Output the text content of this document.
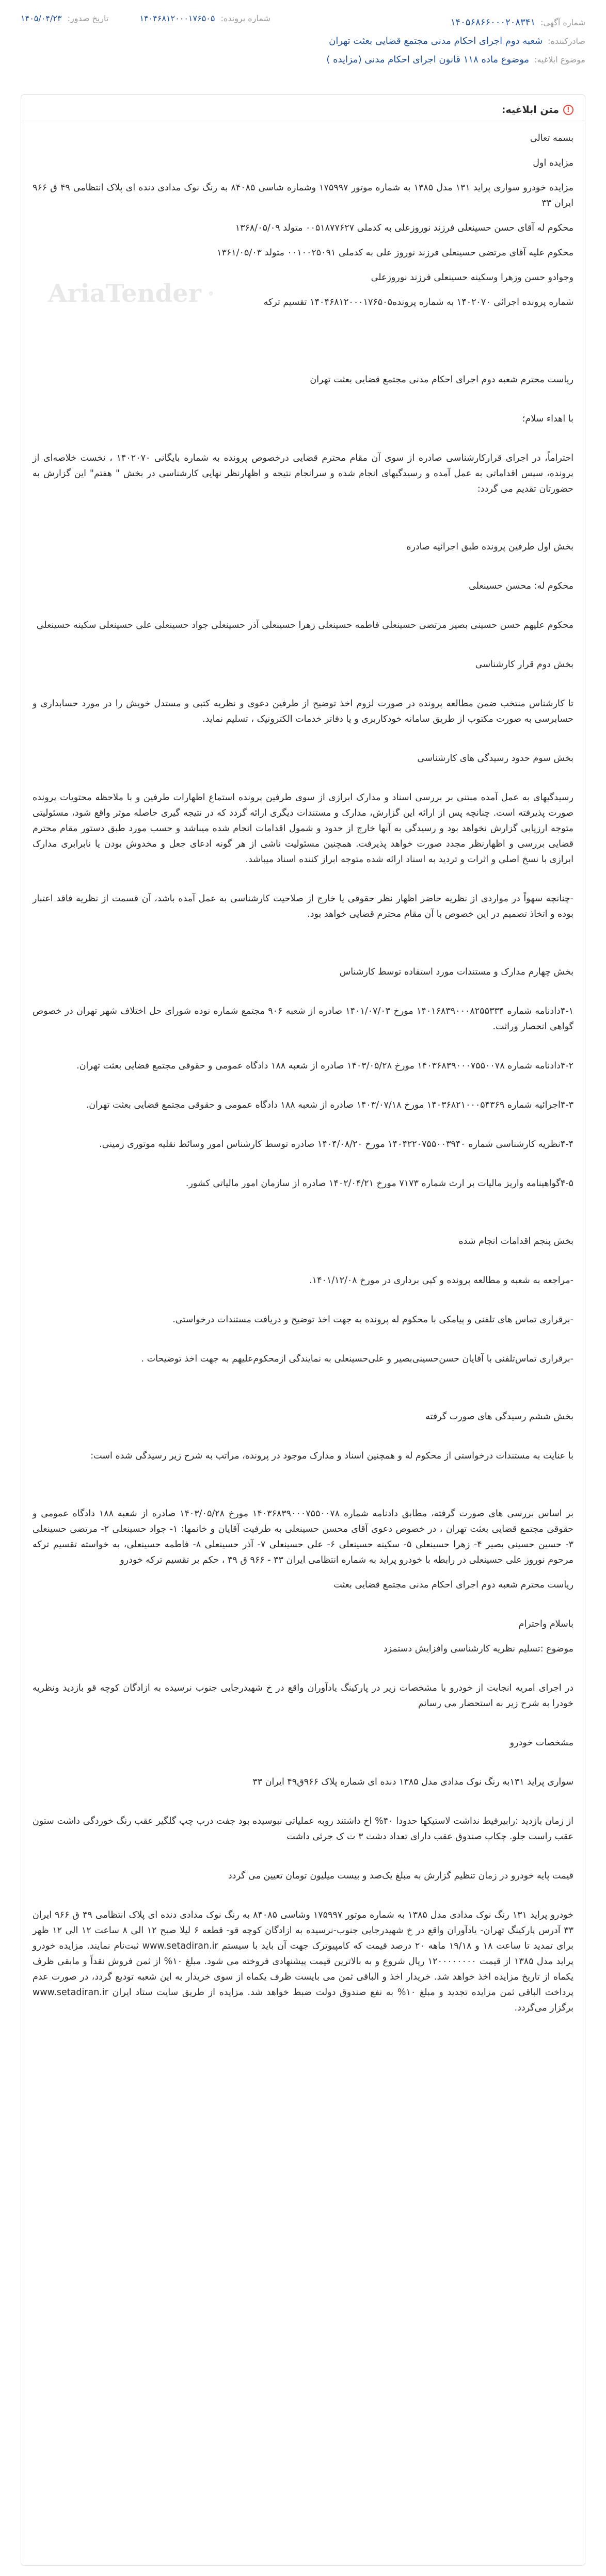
شماره آگهی:
۱۴۰۵۶۸۶۶۰۰۰۲۰۸۳۴۱
صادرکننده:
شعبه دوم اجرای احکام مدنی مجتمع قضایی بعثت تهران
موضوع ابلاغیه:
موضوع ماده ۱۱۸ قانون اجرای احکام مدنی (مزایده )
شماره پرونده: ۱۴۰۴۶۸۱۲۰۰۰۱۷۶۵۰۵
تاریخ صدور: ۱۴۰۵/۰۴/۲۳
!
متن ابلاغیه:
AriaTender

بسمه تعالی

مزایده اول

مزایده خودرو سواری پراید ۱۳۱ مدل ۱۳۸۵ به شماره موتور ۱۷۵۹۹۷ وشماره شاسی ۸۴۰۸۵ به رنگ نوک مدادی دنده ای پلاک انتظامی ۴۹ ق ۹۶۶ ایران ۳۳

محکوم له آقای حسن حسینعلی فرزند نوروزعلی به کدملی ۰۰۵۱۸۷۷۶۲۷ متولد ۱۳۶۸/۰۵/۰۹

محکوم علیه آقای مرتضی حسینعلی فرزند نوروز علی به کدملی ۰۰۱۰۰۲۵۰۹۱ متولد ۱۳۶۱/۰۵/۰۳

وجوادو حسن وزهرا وسکینه حسینعلی فرزند نوروزعلی

شماره پرونده اجرائی ۱۴۰۲۰۷۰ به شماره پرونده۱۴۰۴۶۸۱۲۰۰۰۱۷۶۵۰۵ تقسیم ترکه

ریاست محترم شعبه دوم اجرای احکام مدنی مجتمع قضایی بعثت تهران

با اهداء سلام؛

احتراماً، در اجرای قرارکارشناسی صادره از سوی آن مقام محترم قضایی درخصوص پرونده به شماره بایگانی ۱۴۰۲۰۷۰ ، نخست خلاصه‌ای از پرونده، سپس اقداماتی به عمل آمده و رسیدگیهای انجام شده و سرانجام نتیجه و اظهارنظر نهایی کارشناسی در بخش " هفتم" این گزارش به حضورتان تقدیم می گردد:

بخش اول طرفین پرونده طبق اجرائیه صادره

محکوم له: محسن حسینعلی

محکوم علیهم حسن حسینی بصیر مرتضی حسینعلی فاطمه حسینعلی زهرا حسینعلی آذر حسینعلی جواد حسینعلی علی حسینعلی سکینه حسینعلی

بخش دوم قرار کارشناسی

تا کارشناس منتخب ضمن مطالعه پرونده در صورت لزوم اخذ توضیح از طرفین دعوی و نظریه کتبی و مستدل خویش را در مورد حسابداری و حسابرسی به صورت مکتوب از طریق سامانه خودکاربری و یا دفاتر خدمات الکترونیک ، تسلیم نماید.

بخش سوم حدود رسیدگی های کارشناسی

رسیدگیهای به عمل آمده مبتنی بر بررسی اسناد و مدارک ابرازی از سوی طرفین پرونده استماع اظهارات طرفین و با ملاحظه محتویات پرونده صورت پذیرفته است. چنانچه پس از ارائه این گزارش، مدارک و مستندات دیگری ارائه گردد که در نتیجه گیری حاصله موثر واقع شود، مسئولیتی متوجه ارزیابی گزارش نخواهد بود و رسیدگی به آنها خارج از حدود و شمول اقدامات انجام شده میباشد و حسب مورد طبق دستور مقام محترم قضایی بررسی و اظهارنظر مجدد صورت خواهد پذیرفت. همچنین مسئولیت ناشی از هر گونه ادعای جعل و مخدوش بودن یا نابرابری مدارک ابرازی با نسخ اصلی و اثرات و تردید به اسناد ارائه شده متوجه ابراز کننده اسناد میباشد.

-چنانچه سهواً در مواردی از نظریه حاضر اظهار نظر حقوقی یا خارج از صلاحیت کارشناسی به عمل آمده باشد، آن قسمت از نظریه فاقد اعتبار بوده و اتخاذ تصمیم در این خصوص با آن مقام محترم قضایی خواهد بود.

بخش چهارم مدارک و مستندات مورد استفاده توسط کارشناس

۴-۱دادنامه شماره ۱۴۰۱۶۸۳۹۰۰۰۸۲۵۵۳۳۴ مورخ ۱۴۰۱/۰۷/۰۳ صادره از شعبه ۹۰۶ مجتمع شماره نوده شورای حل اختلاف شهر تهران در خصوص گواهی انحصار وراثت.

۴-۲دادنامه شماره ۱۴۰۳۶۸۳۹۰۰۰۷۵۵۰۰۷۸ مورخ ۱۴۰۳/۰۵/۲۸ صادره از شعبه ۱۸۸ دادگاه عمومی و حقوقی مجتمع قضایی بعثت تهران.

۴-۳اجرائیه شماره ۱۴۰۳۶۸۲۱۰۰۰۵۴۳۶۹ مورخ ۱۴۰۳/۰۷/۱۸ صادره از شعبه ۱۸۸ دادگاه عمومی و حقوقی مجتمع قضایی بعثت تهران.

۴-۴نظریه کارشناسی شماره ۱۴۰۴۲۲۰۷۵۵۰۰۳۹۴۰ مورخ ۱۴۰۴/۰۸/۲۰ صادره توسط کارشناس امور وسائط نقلیه موتوری زمینی.

۴-۵گواهینامه واریز مالیات بر ارث شماره ۷۱۷۳ مورخ ۱۴۰۲/۰۴/۲۱ صادره از سازمان امور مالیاتی کشور.

بخش پنجم اقدامات انجام شده

-مراجعه به شعبه و مطالعه پرونده و کپی برداری در مورخ ۱۴۰۱/۱۲/۰۸.

-برقراری تماس های تلفنی و پیامکی با محکوم له پرونده به جهت اخذ توضیح و دریافت مستندات درخواستی.

-برقراری تماس‌تلفنی با آقایان حسن‌حسینی‌بصیر و علی‌حسینعلی به نمایندگی ازمحکوم‌علیهم به جهت اخذ توضیحات .

بخش ششم رسیدگی های صورت گرفته

با عنایت به مستندات درخواستی از محکوم له و همچنین اسناد و مدارک موجود در پرونده، مراتب به شرح زیر رسیدگی شده است:

بر اساس بررسی های صورت گرفته، مطابق دادنامه شماره ۱۴۰۳۶۸۳۹۰۰۰۷۵۵۰۰۷۸ مورخ ۱۴۰۳/۰۵/۲۸ صادره از شعبه ۱۸۸ دادگاه عمومی و حقوقی مجتمع قضایی بعثت تهران ، در خصوص دعوی آقای محسن حسینعلی به طرفیت آقایان و خانمها: ۱- جواد حسینعلی ۲- مرتضی حسینعلی ۳- حسین حسینی بصیر ۴- زهرا حسینعلی ۵- سکینه حسینعلی ۶- علی حسینعلی ۷- آذر حسینعلی ۸- فاطمه حسینعلی، به خواسته تقسیم ترکه مرحوم نوروز علی حسینعلی در رابطه با خودرو پراید به شماره انتظامی ایران ۳۳ - ۹۶۶ ق ۴۹ ، حکم بر تقسیم ترکه خودرو

ریاست محترم شعبه دوم اجرای احکام مدنی مجتمع قضایی بعثت

باسلام واحترام

موضوع :تسلیم نظریه کارشناسی وافزایش دستمزد

در اجرای امریه انجابت از خودرو با مشخصات زیر در پارکینگ یادآوران واقع در خ شهیدرجایی جنوب نرسیده به ازادگان کوچه قو بازدید ونظریه خودرا به شرح زیر به استحضار می رسانم

مشخصات خودرو

سواری پراید ۱۳۱به رنگ نوک مدادی مدل ۱۳۸۵ دنده ای شماره پلاک ۹۶۶ق۴۹ ایران ۳۳

از زمان بازدید :رابیرفیط نداشت لاستیکها حدودا ۴۰% اخ داشتند روبه عملیاتی نبوسیده بود جفت درب چپ گلگیر عقب رنگ خوردگی داشت ستون عقب راست جلو. چکاپ صندوق عقب دارای تعداد دشت ۳ ت ک جرئی داشت

قیمت پایه خودرو در زمان تنظیم گزارش به مبلغ یک‌صد و بیست میلیون تومان تعیین می گردد

خودرو پراید ۱۳۱ رنگ نوک مدادی مدل ۱۳۸۵ به شماره موتور ۱۷۵۹۹۷ وشاسی ۸۴۰۸۵ به رنگ نوک مدادی دنده ای پلاک انتظامی ۴۹ ق ۹۶۶ ایران ۳۳ آدرس پارکینگ تهران- یادآوران واقع در خ شهیدرجایی جنوب-نرسیده به ازادگان کوچه قو- قطعه ۶ لیلا صبح ۱۲ الی ۸ ساعت ۱۲ الی ۱۲ ظهر برای تمدید تا ساعت ۱۸ و ۱۹/۱۸ ماهه ۲۰ درصد قیمت که کامپیوترک جهت آن باید با سیستم www.setadiran.ir ثبت‌نام نمایند. مزایده خودرو پراید مدل ۱۳۸۵ از قیمت ۱۲۰۰۰۰۰۰۰۰ ریال شروع و به بالاترین قیمت پیشنهادی فروخته می شود. مبلغ ۱۰% از ثمن فروش نقداً و مابقی ظرف یکماه از تاریخ مزایده اخذ خواهد شد. خریدار اخذ و الباقی ثمن می بایست ظرف یکماه از سوی خریدار به این شعبه تودیع گردد، در صورت عدم پرداخت الباقی ثمن مزایده تجدید و مبلغ ۱۰% به نفع صندوق دولت ضبط خواهد شد. مزایده از طریق سایت ستاد ایران www.setadiran.ir برگزار می‌گردد.
